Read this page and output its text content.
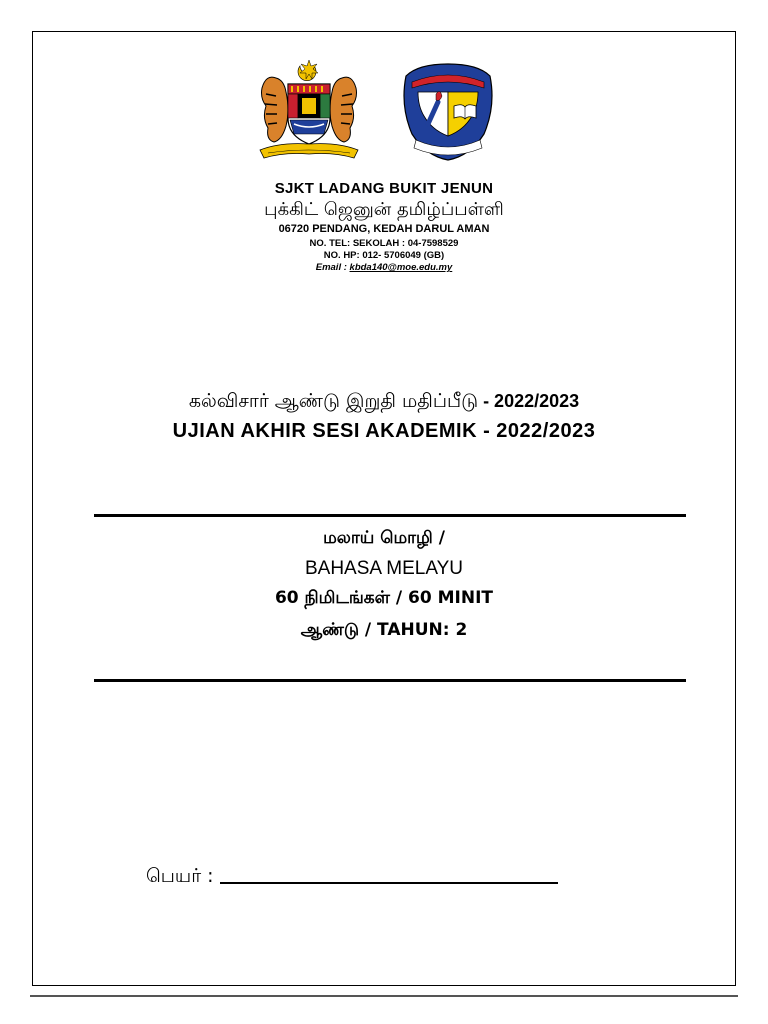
SJKT LADANG BUKIT JENUN
புக்கிட் ஜெனுன் தமிழ்ப்பள்ளி
06720 PENDANG, KEDAH DARUL AMAN
NO. TEL: SEKOLAH : 04-7598529
NO. HP: 012- 5706049 (GB)
Email : kbda140@moe.edu.my
கல்விசார் ஆண்டு இறுதி மதிப்பீடு - 2022/2023
UJIAN AKHIR SESI AKADEMIK - 2022/2023
மலாய் மொழி /
BAHASA MELAYU
60 நிமிடங்கள் / 60 MINIT
ஆண்டு / TAHUN: 2
பெயர் :
